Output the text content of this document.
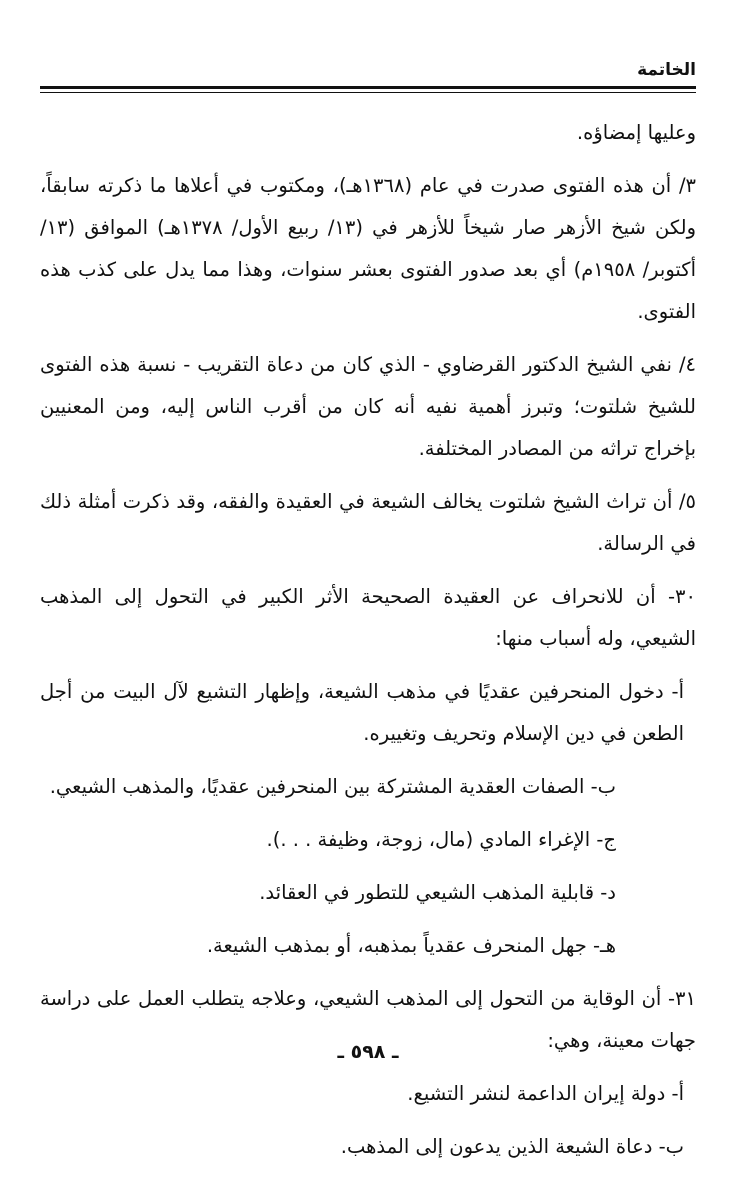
الخاتمة

وعليها إمضاؤه.

٣/ أن هذه الفتوى صدرت في عام (١٣٦٨هـ)، ومكتوب في أعلاها ما ذكرته سابقاً، ولكن شيخ الأزهر صار شيخاً للأزهر في (١٣/ ربيع الأول/ ١٣٧٨هـ) الموافق (١٣/ أكتوبر/ ١٩٥٨م) أي بعد صدور الفتوى بعشر سنوات، وهذا مما يدل على كذب هذه الفتوى.

٤/ نفي الشيخ الدكتور القرضاوي - الذي كان من دعاة التقريب - نسبة هذه الفتوى للشيخ شلتوت؛ وتبرز أهمية نفيه أنه كان من أقرب الناس إليه، ومن المعنيين بإخراج تراثه من المصادر المختلفة.

٥/ أن تراث الشيخ شلتوت يخالف الشيعة في العقيدة والفقه، وقد ذكرت أمثلة ذلك في الرسالة.

٣٠- أن للانحراف عن العقيدة الصحيحة الأثر الكبير في التحول إلى المذهب الشيعي، وله أسباب منها:

أ- دخول المنحرفين عقديًا في مذهب الشيعة، وإظهار التشيع لآل البيت من أجل الطعن في دين الإسلام وتحريف وتغييره.

ب- الصفات العقدية المشتركة بين المنحرفين عقديًا، والمذهب الشيعي.

ج- الإغراء المادي (مال، زوجة، وظيفة . . .).

د- قابلية المذهب الشيعي للتطور في العقائد.

هـ- جهل المنحرف عقدياً بمذهبه، أو بمذهب الشيعة.

٣١- أن الوقاية من التحول إلى المذهب الشيعي، وعلاجه يتطلب العمل على دراسة جهات معينة، وهي:

أ- دولة إيران الداعمة لنشر التشيع.

ب- دعاة الشيعة الذين يدعون إلى المذهب.

ـ ٥٩٨ ـ
